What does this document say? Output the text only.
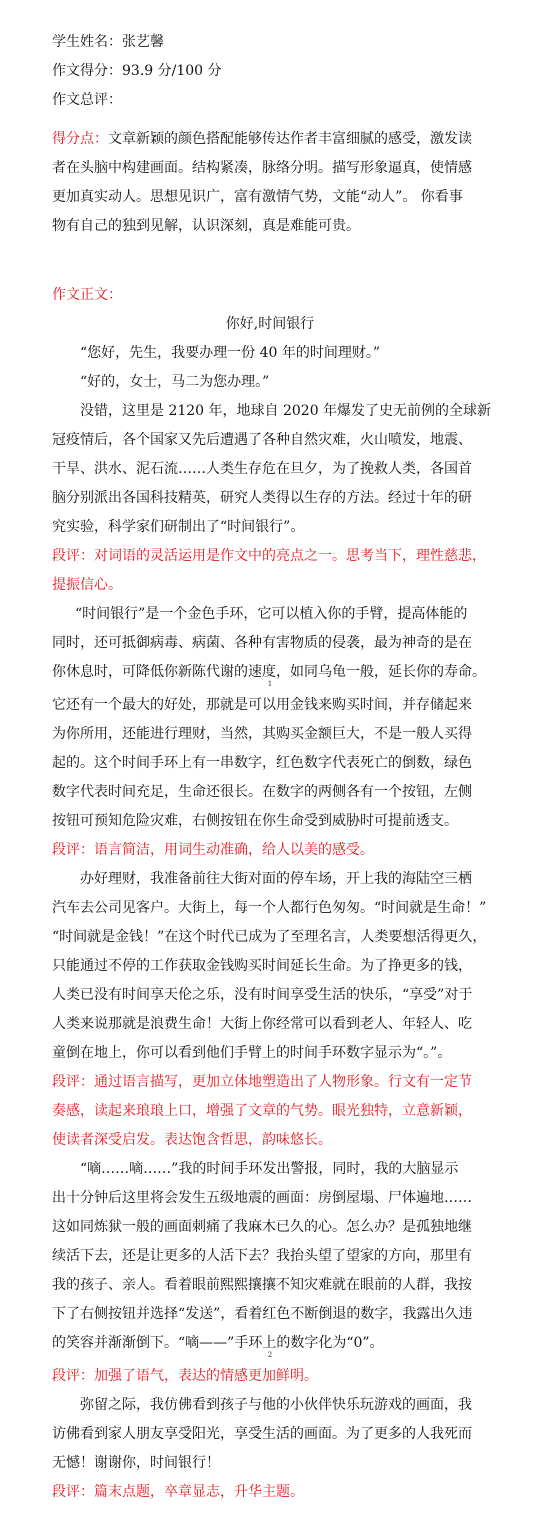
学生姓名：张艺馨
作文得分：93.9 分/100 分
作文总评：
得分点：文章新颖的颜色搭配能够传达作者丰富细腻的感受，激发读
者在头脑中构建画面。结构紧凑，脉络分明。描写形象逼真，使情感
更加真实动人。思想见识广，富有激情气势，文能“动人”。 你看事
物有自己的独到见解，认识深刻，真是难能可贵。
作文正文：
你好,时间银行
“您好，先生，我要办理一份 40 年的时间理财。”
“好的，女士，马二为您办理。”
没错，这里是 2120 年，地球自 2020 年爆发了史无前例的全球新
冠疫情后，各个国家又先后遭遇了各种自然灾难，火山喷发，地震、
干旱、洪水、泥石流……人类生存危在旦夕，为了挽救人类，各国首
脑分别派出各国科技精英，研究人类得以生存的方法。经过十年的研
究实验，科学家们研制出了“时间银行”。
段评：对词语的灵活运用是作文中的亮点之一。思考当下，理性慈悲，
提振信心。
“时间银行”是一个金色手环，它可以植入你的手臂，提高体能的
同时，还可抵御病毒、病菌、各种有害物质的侵袭，最为神奇的是在
你休息时，可降低你新陈代谢的速度，如同乌龟一般，延长你的寿命。
1
它还有一个最大的好处，那就是可以用金钱来购买时间，并存储起来
为你所用，还能进行理财，当然，其购买金额巨大，不是一般人买得
起的。这个时间手环上有一串数字，红色数字代表死亡的倒数，绿色
数字代表时间充足，生命还很长。在数字的两侧各有一个按钮，左侧
按钮可预知危险灾难，右侧按钮在你生命受到威胁时可提前透支。
段评：语言简洁，用词生动准确，给人以美的感受。
办好理财，我准备前往大街对面的停车场，开上我的海陆空三栖
汽车去公司见客户。大街上，每一个人都行色匆匆。“时间就是生命！”
“时间就是金钱！”在这个时代已成为了至理名言，人类要想活得更久，
只能通过不停的工作获取金钱购买时间延长生命。为了挣更多的钱，
人类已没有时间享天伦之乐，没有时间享受生活的快乐，“享受”对于
人类来说那就是浪费生命！大街上你经常可以看到老人、年轻人、吃
童倒在地上，你可以看到他们手臂上的时间手环数字显示为“。”。
段评：通过语言描写，更加立体地塑造出了人物形象。行文有一定节
奏感，读起来琅琅上口，增强了文章的气势。眼光独特，立意新颖，
使读者深受启发。表达饱含哲思，韵味悠长。
“嘀……嘀……”我的时间手环发出警报，同时，我的大脑显示
出十分钟后这里将会发生五级地震的画面：房倒屋塌、尸体遍地……
这如同炼狱一般的画面刺痛了我麻木已久的心。怎么办？是孤独地继
续活下去，还是让更多的人活下去？我抬头望了望家的方向，那里有
我的孩子、亲人。看着眼前熙熙攘攘不知灾难就在眼前的人群，我按
下了右侧按钮并选择“发送”，看着红色不断倒退的数字，我露出久违
的笑容并渐渐倒下。“嘀——”手环上的数字化为“0”。
2
段评：加强了语气，表达的情感更加鲜明。
弥留之际，我仿佛看到孩子与他的小伙伴快乐玩游戏的画面，我
访佛看到家人朋友享受阳光，享受生活的画面。为了更多的人我死而
无憾！谢谢你，时间银行！
段评：篇末点题，卒章显志，升华主题。
